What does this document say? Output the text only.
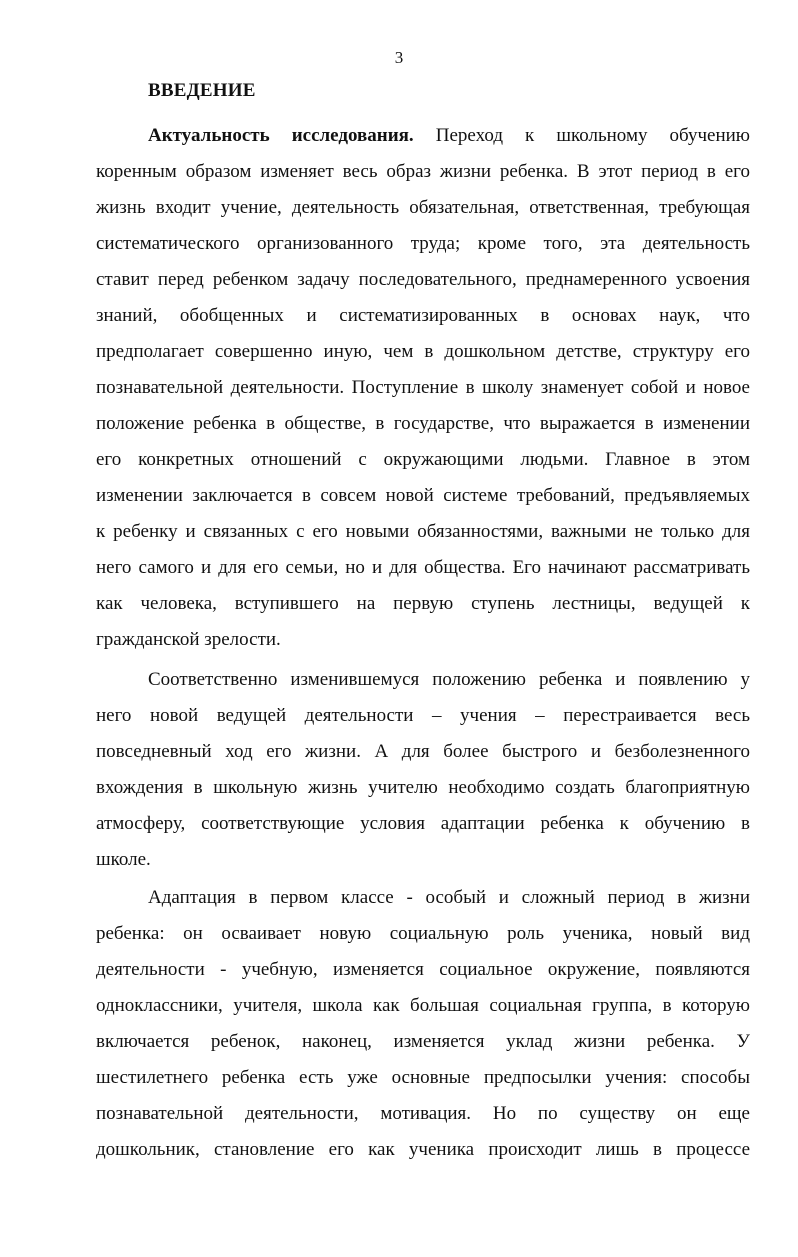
3
ВВЕДЕНИЕ
Актуальность исследования. Переход к школьному обучению
коренным образом изменяет весь образ жизни ребенка. В этот период в его
жизнь входит учение, деятельность обязательная, ответственная, требующая
систематического организованного труда; кроме того, эта деятельность
ставит перед ребенком задачу последовательного, преднамеренного усвоения
знаний, обобщенных и систематизированных в основах наук, что
предполагает совершенно иную, чем в дошкольном детстве, структуру его
познавательной деятельности. Поступление в школу знаменует собой и новое
положение ребенка в обществе, в государстве, что выражается в изменении
его конкретных отношений с окружающими людьми. Главное в этом
изменении заключается в совсем новой системе требований, предъявляемых
к ребенку и связанных с его новыми обязанностями, важными не только для
него самого и для его семьи, но и для общества. Его начинают рассматривать
как человека, вступившего на первую ступень лестницы, ведущей к
гражданской зрелости.
Соответственно изменившемуся положению ребенка и появлению у
него новой ведущей деятельности – учения – перестраивается весь
повседневный ход его жизни. А для более быстрого и безболезненного
вхождения в школьную жизнь учителю необходимо создать благоприятную
атмосферу, соответствующие условия адаптации ребенка к обучению в
школе.
Адаптация в первом классе - особый и сложный период в жизни
ребенка: он осваивает новую социальную роль ученика, новый вид
деятельности - учебную, изменяется социальное окружение, появляются
одноклассники, учителя, школа как большая социальная группа, в которую
включается ребенок, наконец, изменяется уклад жизни ребенка. У
шестилетнего ребенка есть уже основные предпосылки учения: способы
познавательной деятельности, мотивация. Но по существу он еще
дошкольник, становление его как ученика происходит лишь в процессе
